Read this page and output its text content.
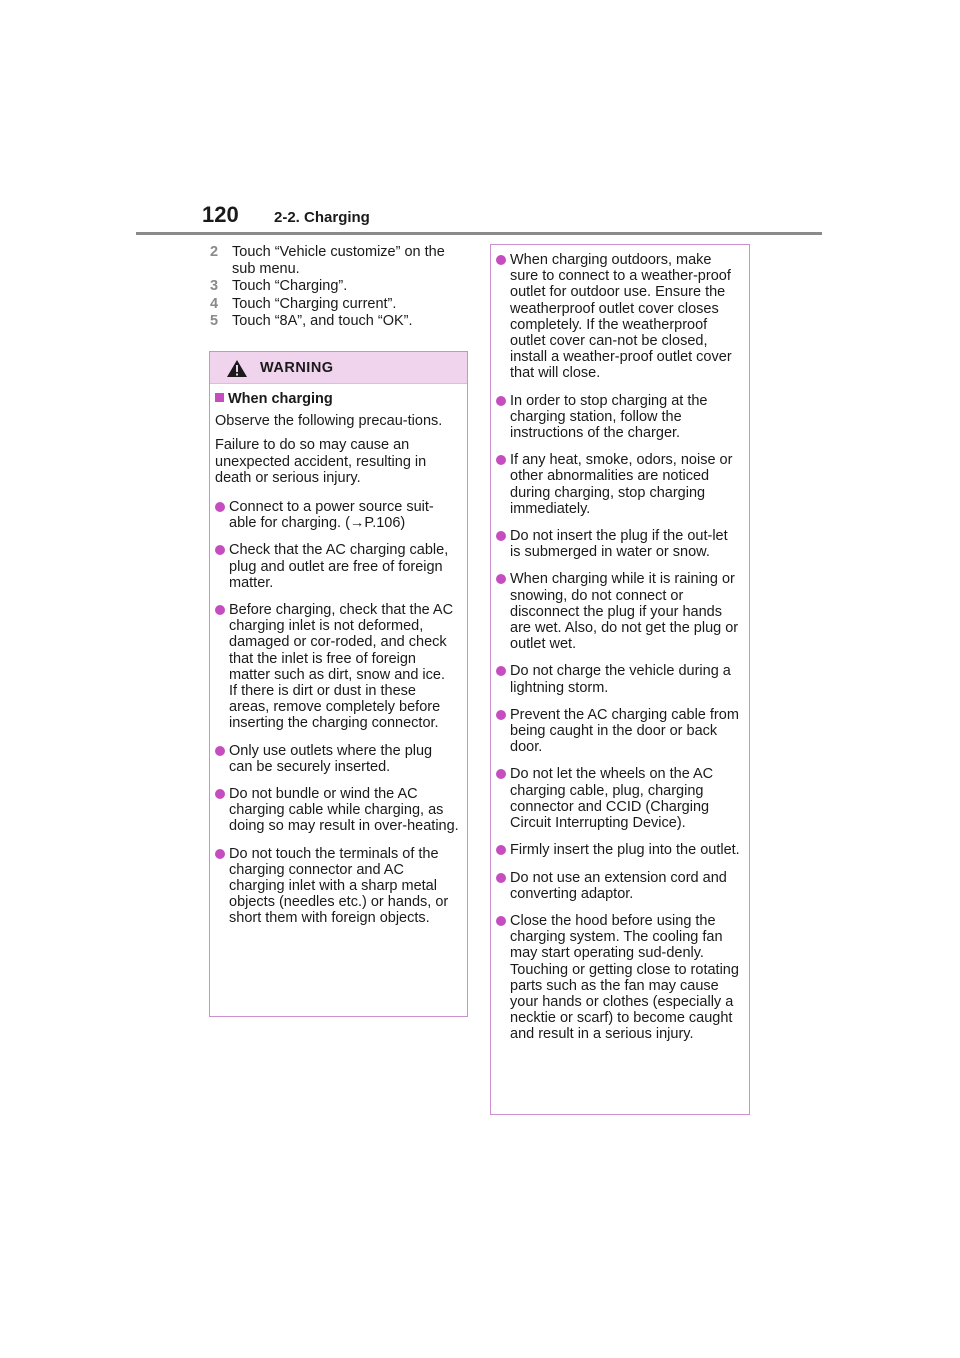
120 2-2. Charging
2 Touch “Vehicle customize” on the sub menu.
3 Touch “Charging”.
4 Touch “Charging current”.
5 Touch “8A”, and touch “OK”.
WARNING
When charging
Observe the following precau-tions.
Failure to do so may cause an unexpected accident, resulting in death or serious injury.
Connect to a power source suit-able for charging. (→P.106)
Check that the AC charging cable, plug and outlet are free of foreign matter.
Before charging, check that the AC charging inlet is not deformed, damaged or cor-roded, and check that the inlet is free of foreign matter such as dirt, snow and ice.
If there is dirt or dust in these areas, remove completely before inserting the charging connector.
Only use outlets where the plug can be securely inserted.
Do not bundle or wind the AC charging cable while charging, as doing so may result in over-heating.
Do not touch the terminals of the charging connector and AC charging inlet with a sharp metal objects (needles etc.) or hands, or short them with foreign objects.
When charging outdoors, make sure to connect to a weather-proof outlet for outdoor use. Ensure the weatherproof outlet cover closes completely. If the weatherproof outlet cover can-not be closed, install a weather-proof outlet cover that will close.
In order to stop charging at the charging station, follow the instructions of the charger.
If any heat, smoke, odors, noise or other abnormalities are noticed during charging, stop charging immediately.
Do not insert the plug if the out-let is submerged in water or snow.
When charging while it is raining or snowing, do not connect or disconnect the plug if your hands are wet. Also, do not get the plug or outlet wet.
Do not charge the vehicle during a lightning storm.
Prevent the AC charging cable from being caught in the door or back door.
Do not let the wheels on the AC charging cable, plug, charging connector and CCID (Charging Circuit Interrupting Device).
Firmly insert the plug into the outlet.
Do not use an extension cord and converting adaptor.
Close the hood before using the charging system. The cooling fan may start operating sud-denly. Touching or getting close to rotating parts such as the fan may cause your hands or clothes (especially a necktie or scarf) to become caught and result in a serious injury.
